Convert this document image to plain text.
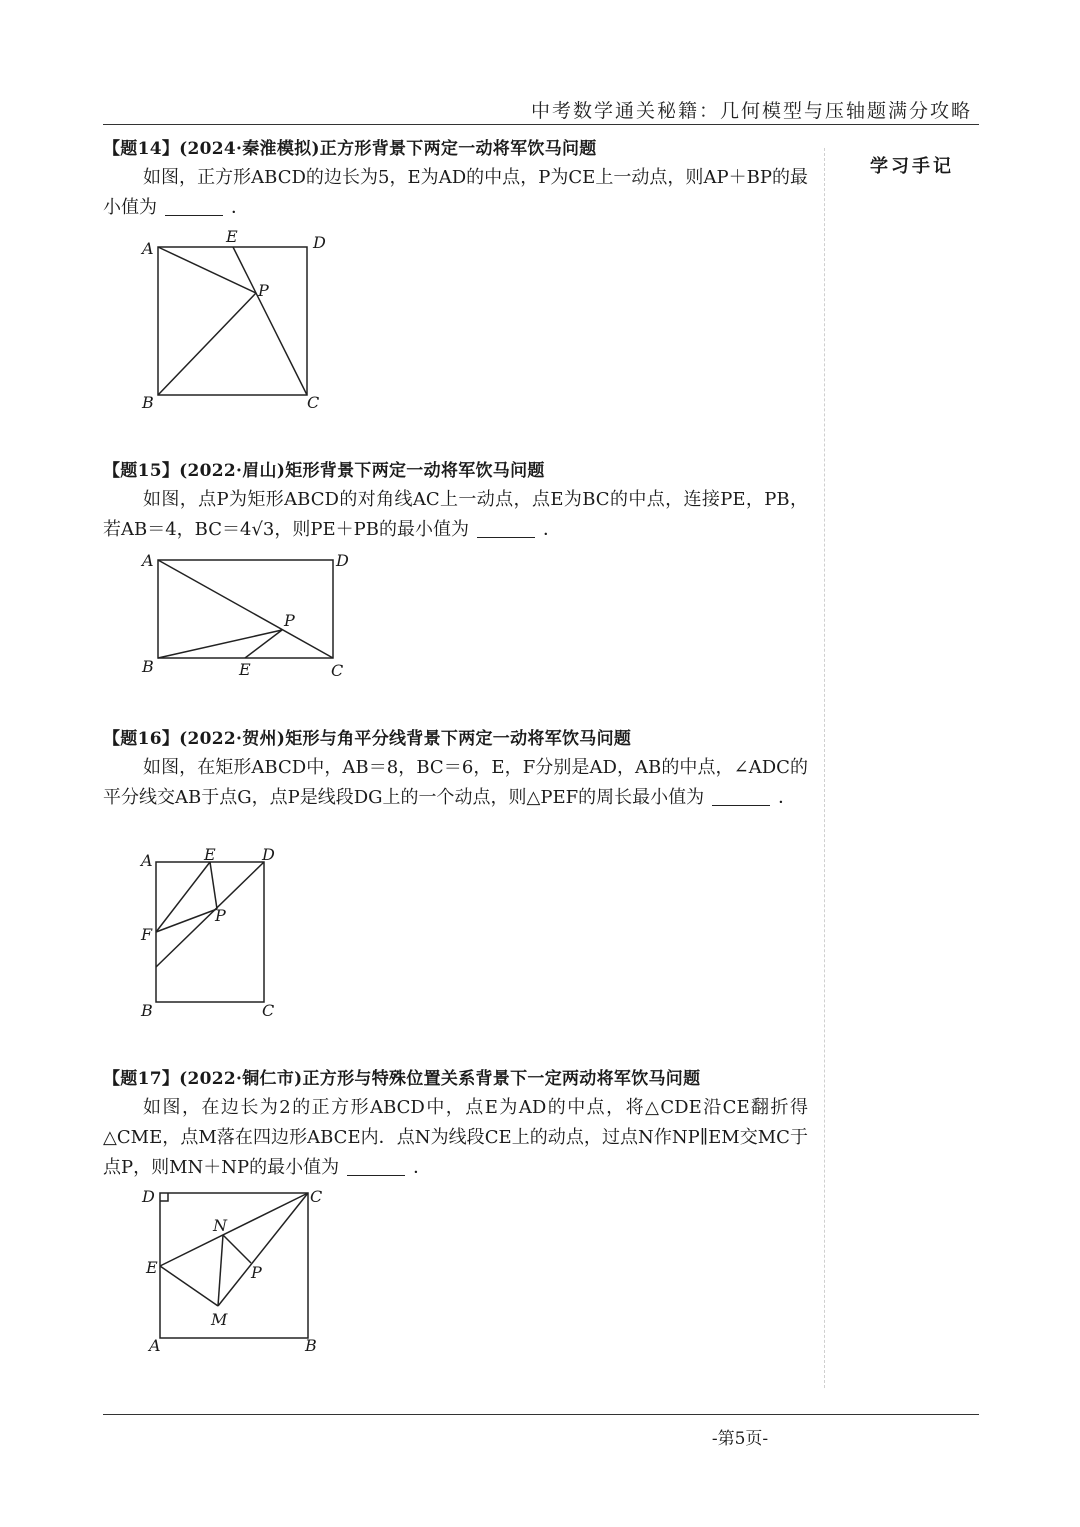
中考数学通关秘籍：几何模型与压轴题满分攻略
学习手记
【题14】(2024·秦淮模拟)正方形背景下两定一动将军饮马问题
如图，正方形ABCD的边长为5，E为AD的中点，P为CE上一动点，则AP＋BP的最小值为	．
A
E	D
P
B	C
【题15】(2022·眉山)矩形背景下两定一动将军饮马问题
如图，点P为矩形ABCD的对角线AC上一动点，点E为BC的中点，连接PE，PB，若AB＝4，BC＝4√3，则PE＋PB的最小值为	．
A	D
P
B	E	C
【题16】(2022·贺州)矩形与角平分线背景下两定一动将军饮马问题
如图，在矩形ABCD中，AB＝8，BC＝6，E，F分别是AD，AB的中点，∠ADC的平分线交AB于点G，点P是线段DG上的一个动点，则△PEF的周长最小值为	．
A	E	D
P
F
B	C
【题17】(2022·铜仁市)正方形与特殊位置关系背景下一定两动将军饮马问题
如图，在边长为2的正方形ABCD中，点E为AD的中点，将△CDE沿CE翻折得△CME，点M落在四边形ABCE内．点N为线段CE上的动点，过点N作NP∥EM交MC于点P，则MN＋NP的最小值为	．
D	C
N
E	P
M
A	B
-第5页-
